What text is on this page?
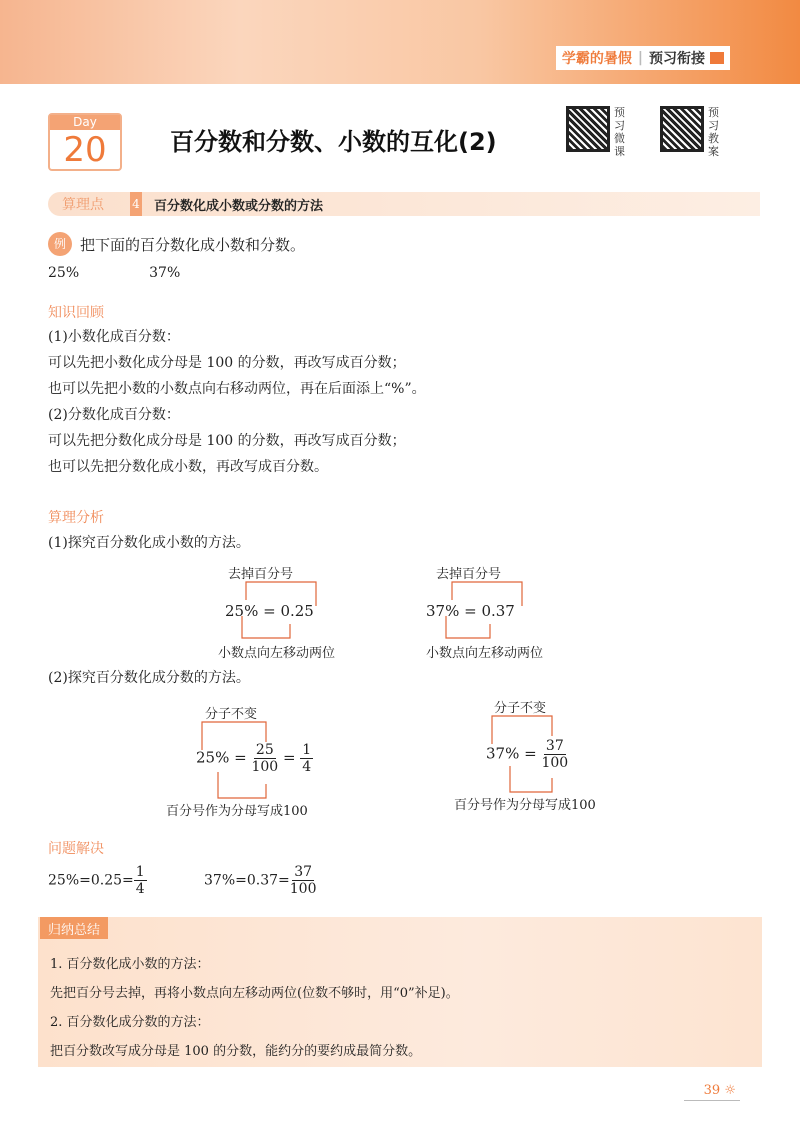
学霸的暑假 | 预习衔接
Day
20	百分数和分数、小数的互化(2)
预习微课
预习教案
算理点	4 百分数化成小数或分数的方法
例 把下面的百分数化成小数和分数。
25%	37%
知识回顾
(1)小数化成百分数：
可以先把小数化成分母是 100 的分数，再改写成百分数；
也可以先把小数的小数点向右移动两位，再在后面添上“%”。
(2)分数化成百分数：
可以先把分数化成分母是 100 的分数，再改写成百分数；
也可以先把分数化成小数，再改写成百分数。
算理分析
(1)探究百分数化成小数的方法。
去掉百分号
25% = 0.25
小数点向左移动两位
去掉百分号
37% = 0.37
小数点向左移动两位
(2)探究百分数化成分数的方法。
分子不变
$25\% = \frac{25}{100} = \frac{1}{4}$
百分号作为分母写成100
分子不变
$37\% = \frac{37}{100}$
百分号作为分母写成100
问题解决
$25\%=0.25= \frac{1}{4}$	$37\%=0.37= \frac{37}{100}$
归纳总结
1. 百分数化成小数的方法：
先把百分号去掉，再将小数点向左移动两位(位数不够时，用“0”补足)。
2. 百分数化成分数的方法：
把百分数改写成分母是 100 的分数，能约分的要约成最简分数。
39 ☼
